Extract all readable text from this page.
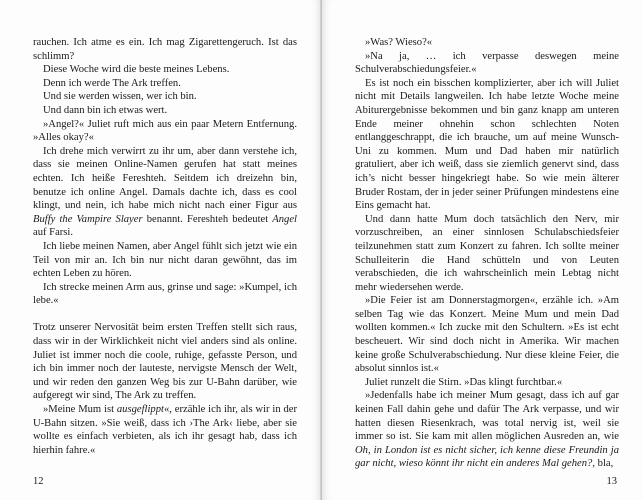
rauchen. Ich atme es ein. Ich mag Zigarettengeruch. Ist das schlimm?

Diese Woche wird die beste meines Lebens.

Denn ich werde The Ark treffen.

Und sie werden wissen, wer ich bin.

Und dann bin ich etwas wert.

»Angel?« Juliet ruft mich aus ein paar Metern Entfernung. »Alles okay?«

Ich drehe mich verwirrt zu ihr um, aber dann verstehe ich, dass sie meinen Online-Namen gerufen hat statt meines echten. Ich heiße Fereshteh. Seitdem ich dreizehn bin, benutze ich online Angel. Damals dachte ich, dass es cool klingt, und nein, ich habe mich nicht nach einer Figur aus Buffy the Vampire Slayer benannt. Fereshteh bedeutet Angel auf Farsi.

Ich liebe meinen Namen, aber Angel fühlt sich jetzt wie ein Teil von mir an. Ich bin nur nicht daran gewöhnt, das im echten Leben zu hören.

Ich strecke meinen Arm aus, grinse und sage: »Kumpel, ich lebe.«

Trotz unserer Nervosität beim ersten Treffen stellt sich raus, dass wir in der Wirklichkeit nicht viel anders sind als online. Juliet ist immer noch die coole, ruhige, gefasste Person, und ich bin immer noch der lauteste, nervigste Mensch der Welt, und wir reden den ganzen Weg bis zur U-Bahn darüber, wie aufgeregt wir sind, The Ark zu treffen.

»Meine Mum ist ausgeflippt«, erzähle ich ihr, als wir in der U-Bahn sitzen. »Sie weiß, dass ich ›The Ark‹ liebe, aber sie wollte es einfach verbieten, als ich ihr gesagt hab, dass ich hierhin fahre.«

12

»Was? Wieso?«

»Na ja, … ich verpasse deswegen meine Schulverabschiedungsfeier.«

Es ist noch ein bisschen komplizierter, aber ich will Juliet nicht mit Details langweilen. Ich habe letzte Woche meine Abiturergebnisse bekommen und bin ganz knapp am unteren Ende meiner ohnehin schon schlechten Noten entlanggeschrappt, die ich brauche, um auf meine Wunsch-Uni zu kommen. Mum und Dad haben mir natürlich gratuliert, aber ich weiß, dass sie ziemlich genervt sind, dass ich’s nicht besser hingekriegt habe. So wie mein älterer Bruder Rostam, der in jeder seiner Prüfungen mindestens eine Eins gemacht hat.

Und dann hatte Mum doch tatsächlich den Nerv, mir vorzuschreiben, an einer sinnlosen Schulabschiedsfeier teilzunehmen statt zum Konzert zu fahren. Ich sollte meiner Schulleiterin die Hand schütteln und von Leuten verabschieden, die ich wahrscheinlich mein Lebtag nicht mehr wiedersehen werde.

»Die Feier ist am Donnerstagmorgen«, erzähle ich. »Am selben Tag wie das Konzert. Meine Mum und mein Dad wollten kommen.« Ich zucke mit den Schultern. »Es ist echt bescheuert. Wir sind doch nicht in Amerika. Wir machen keine große Schulverabschiedung. Nur diese kleine Feier, die absolut sinnlos ist.«

Juliet runzelt die Stirn. »Das klingt furchtbar.«

»Jedenfalls habe ich meiner Mum gesagt, dass ich auf gar keinen Fall dahin gehe und dafür The Ark verpasse, und wir hatten diesen Riesenkrach, was total nervig ist, weil sie immer so ist. Sie kam mit allen möglichen Ausreden an, wie Oh, in London ist es nicht sicher, ich kenne diese Freundin ja gar nicht, wieso könnt ihr nicht ein anderes Mal gehen?, bla,

13
